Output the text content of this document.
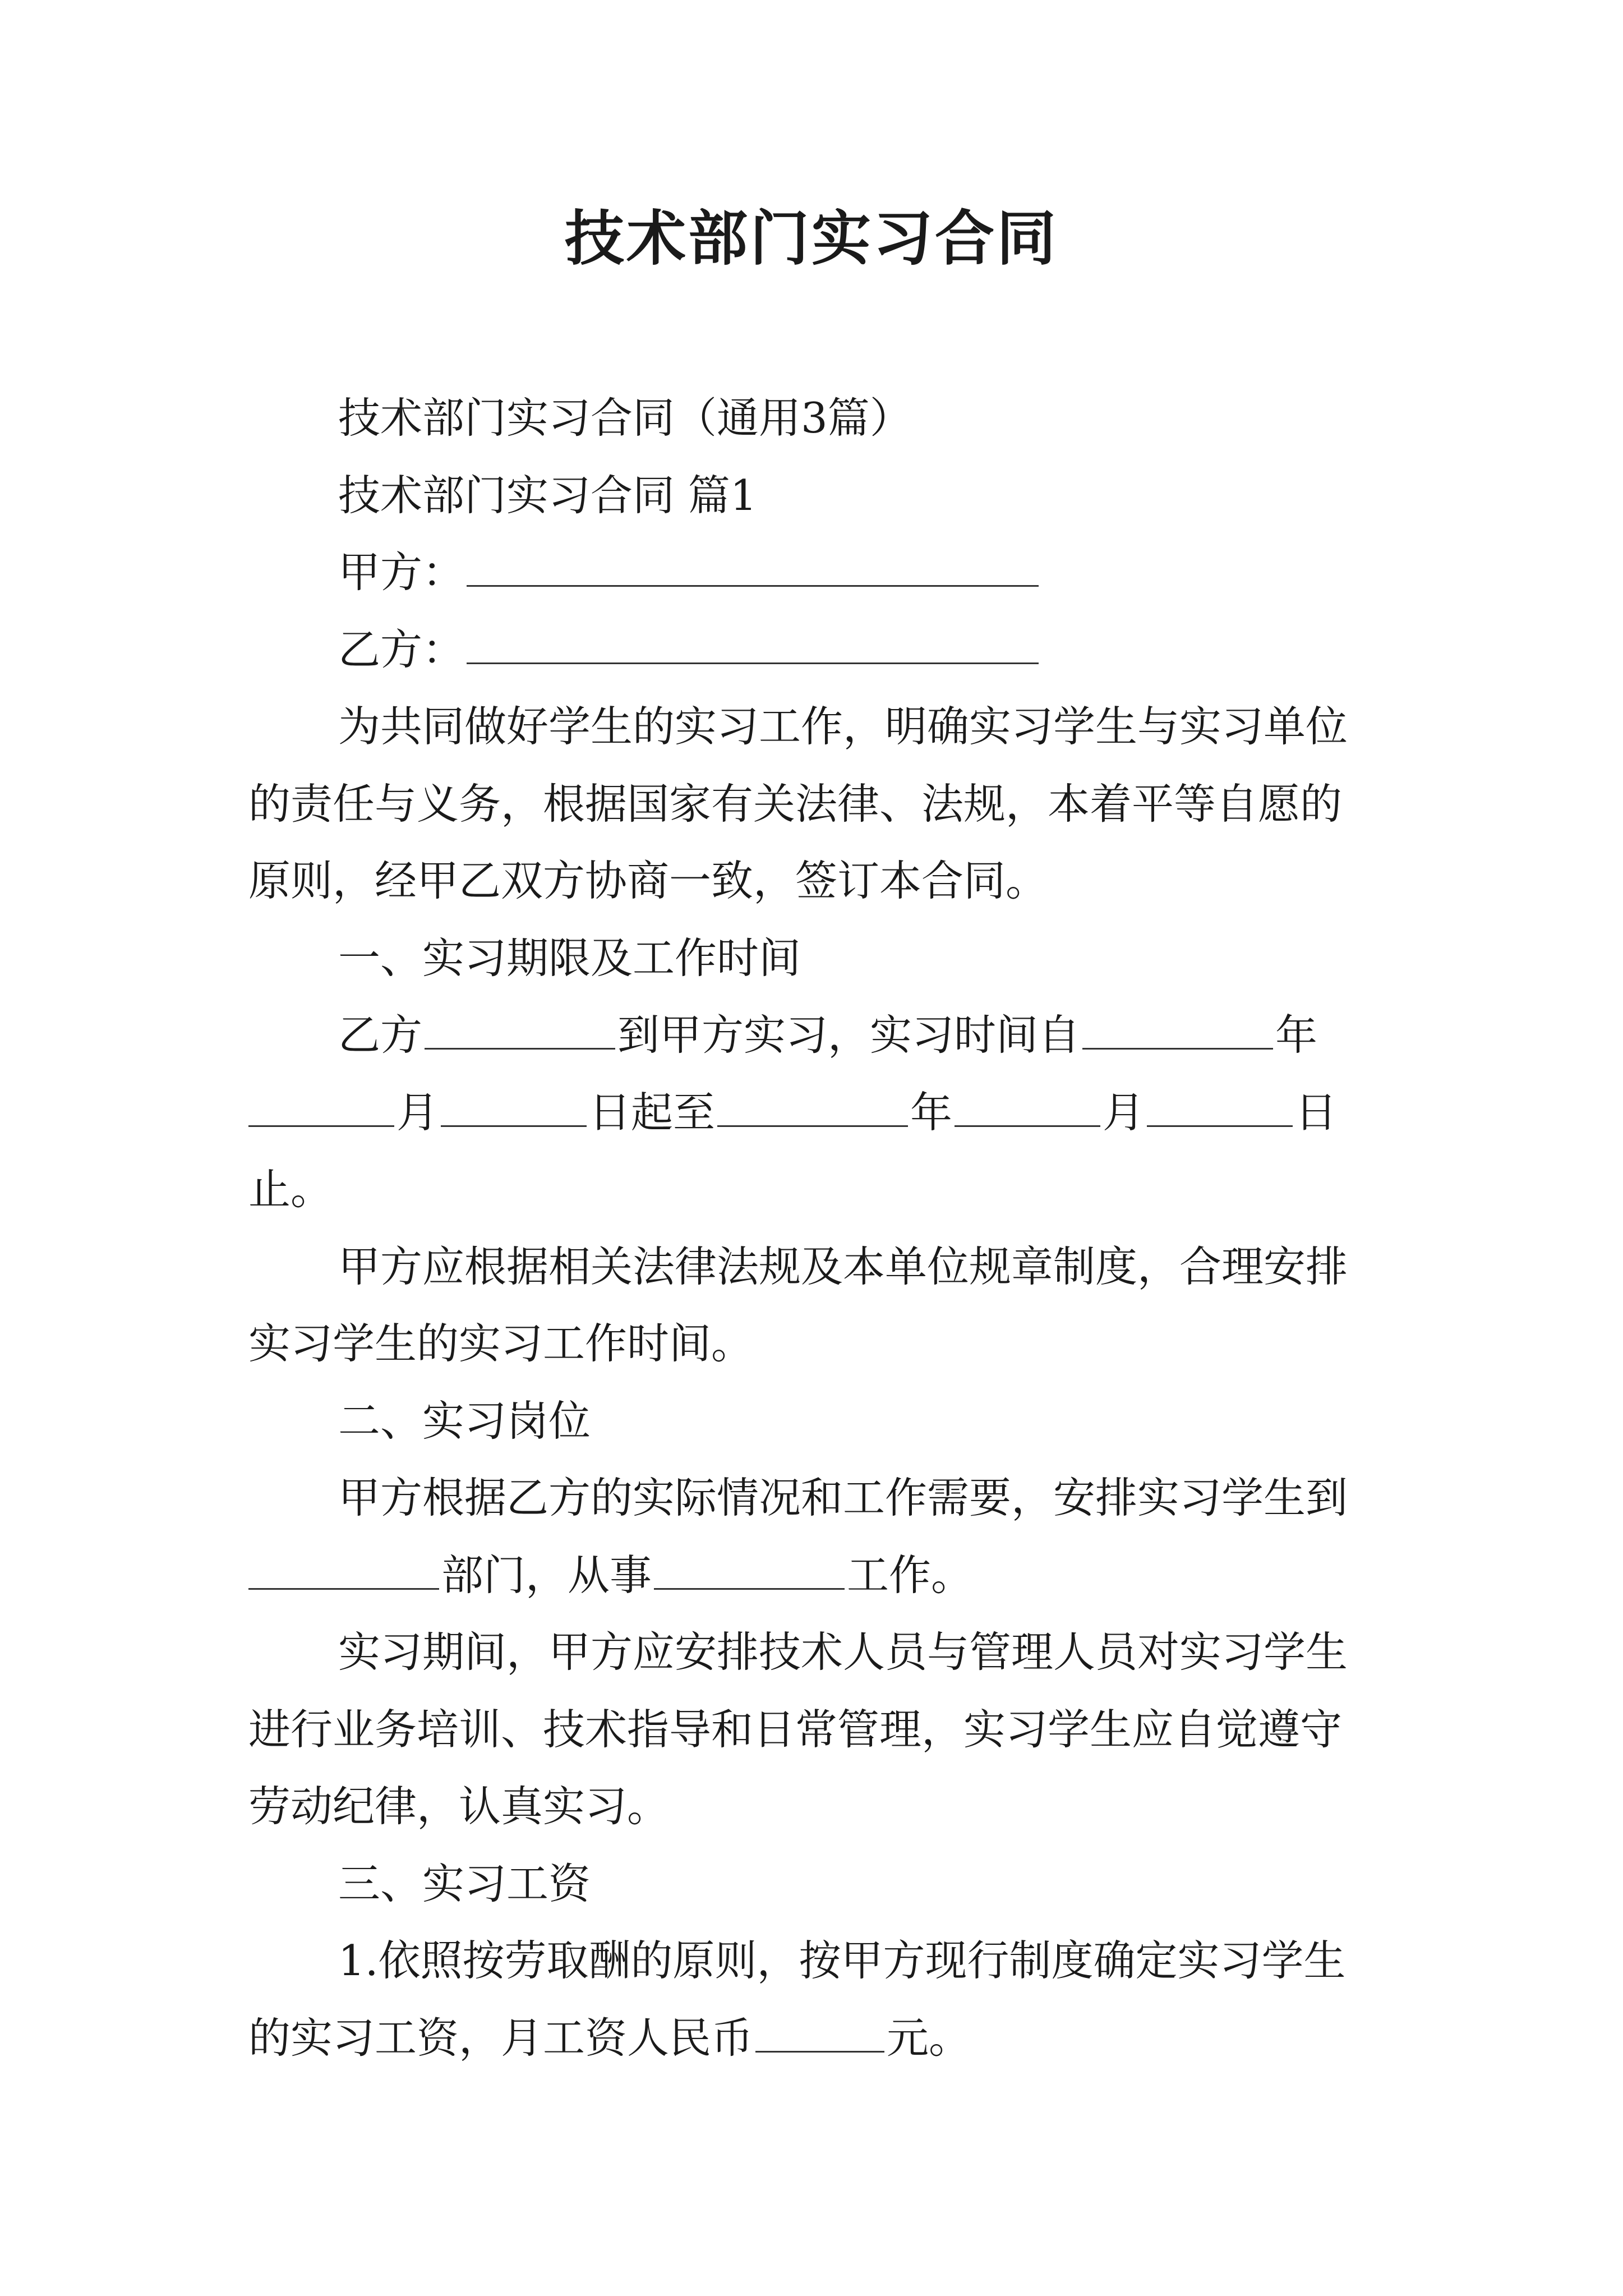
技术部门实习合同
技术部门实习合同（通用3篇）
技术部门实习合同 篇1
甲方：
乙方：
为共同做好学生的实习工作，明确实习学生与实习单位
的责任与义务，根据国家有关法律、法规，本着平等自愿的
原则，经甲乙双方协商一致，签订本合同。
一、实习期限及工作时间
乙方	到甲方实习，实习时间自	年
月	日起至	年	月	日
止。
甲方应根据相关法律法规及本单位规章制度，合理安排
实习学生的实习工作时间。
二、实习岗位
甲方根据乙方的实际情况和工作需要，安排实习学生到
部门，从事	工作。
实习期间，甲方应安排技术人员与管理人员对实习学生
进行业务培训、技术指导和日常管理，实习学生应自觉遵守
劳动纪律，认真实习。
三、实习工资
1.依照按劳取酬的原则，按甲方现行制度确定实习学生
的实习工资，月工资人民币	元。
